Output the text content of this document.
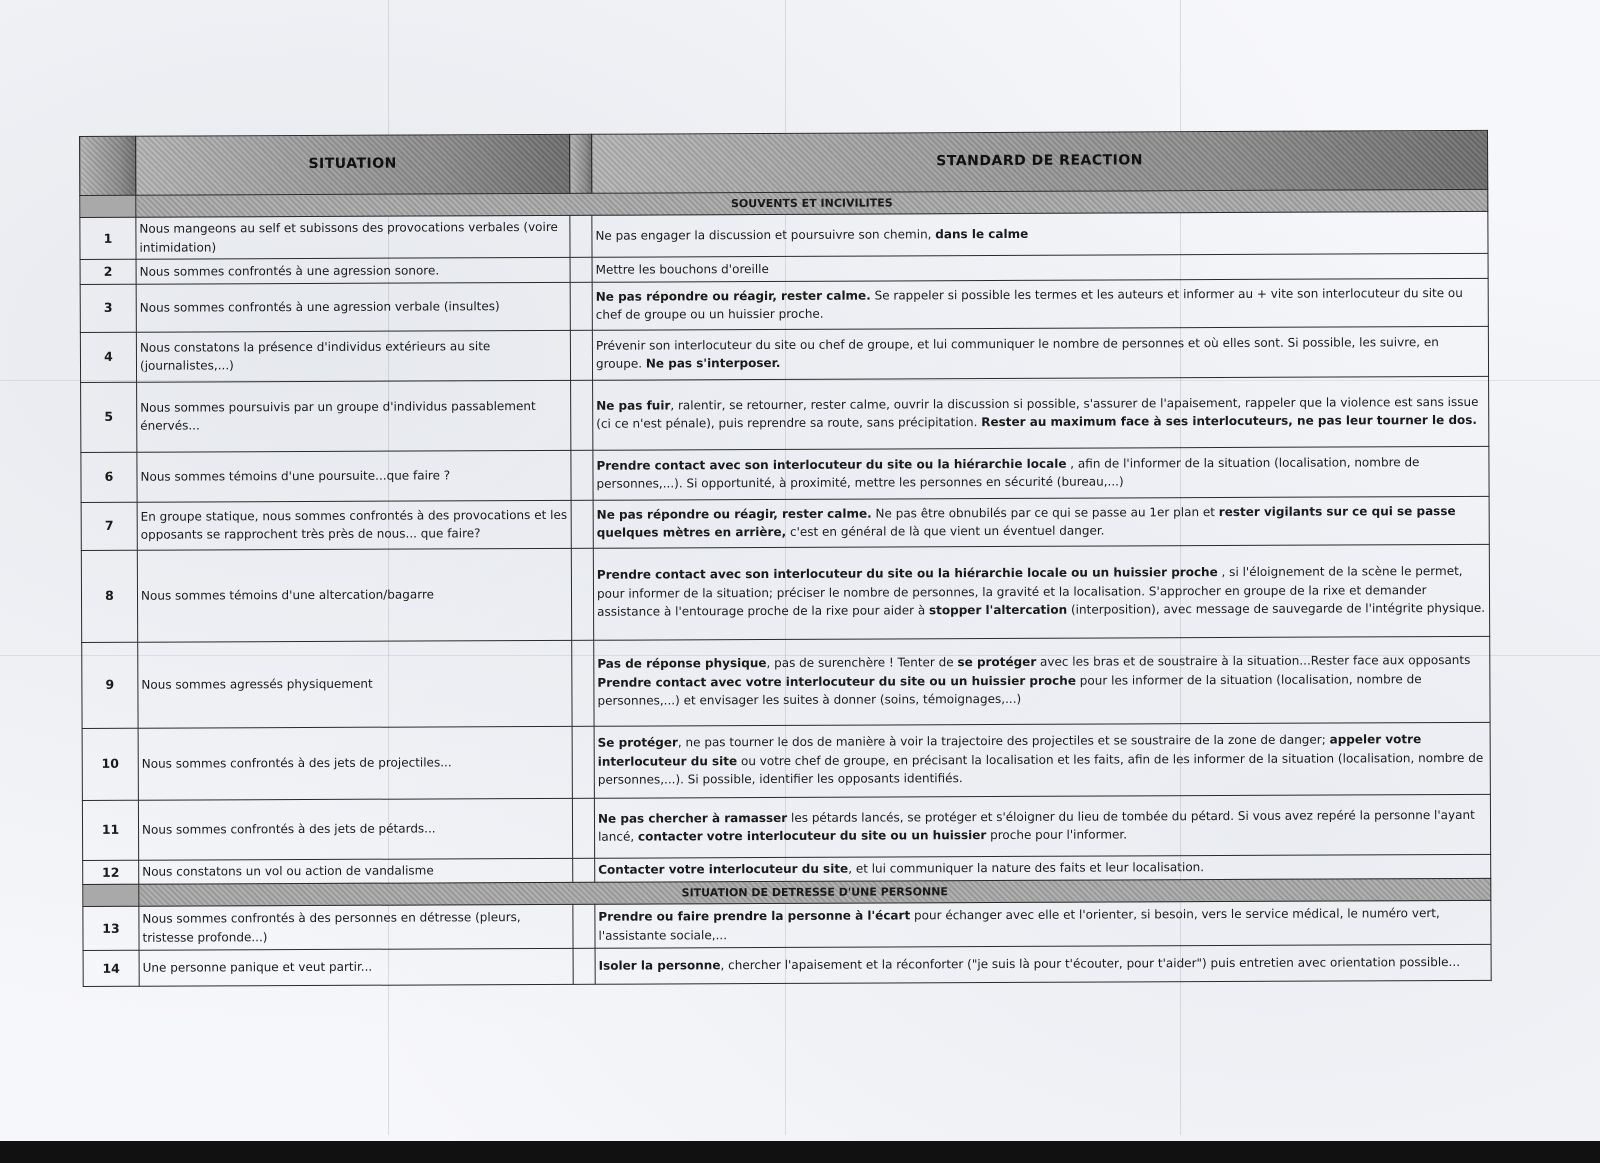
	SITUATION		STANDARD DE REACTION
	SOUVENTS ET INCIVILITES		
1	Nous mangeons au self et subissons des provocations verbales (voire intimidation)		Ne pas engager la discussion et poursuivre son chemin, dans le calme
2	Nous sommes confrontés à une agression sonore.		Mettre les bouchons d'oreille
3	Nous sommes confrontés à une agression verbale (insultes)		Ne pas répondre ou réagir, rester calme. Se rappeler si possible les termes et les auteurs et informer au + vite son interlocuteur du site ou chef de groupe ou un huissier proche.
4	Nous constatons la présence d'individus extérieurs au site (journalistes,...)		Prévenir son interlocuteur du site ou chef de groupe, et lui communiquer le nombre de personnes et où elles sont. Si possible, les suivre, en groupe. Ne pas s'interposer.
5	Nous sommes poursuivis par un groupe d'individus passablement énervés...		Ne pas fuir, ralentir, se retourner, rester calme, ouvrir la discussion si possible, s'assurer de l'apaisement, rappeler que la violence est sans issue (ci ce n'est pénale), puis reprendre sa route, sans précipitation. Rester au maximum face à ses interlocuteurs, ne pas leur tourner le dos.
6	Nous sommes témoins d'une poursuite...que faire ?		Prendre contact avec son interlocuteur du site ou la hiérarchie locale , afin de l'informer de la situation (localisation, nombre de personnes,...). Si opportunité, à proximité, mettre les personnes en sécurité (bureau,...)
7	En groupe statique, nous sommes confrontés à des provocations et les opposants se rapprochent très près de nous... que faire?		Ne pas répondre ou réagir, rester calme. Ne pas être obnubilés par ce qui se passe au 1er plan et rester vigilants sur ce qui se passe quelques mètres en arrière, c'est en général de là que vient un éventuel danger.
8	Nous sommes témoins d'une altercation/bagarre		Prendre contact avec son interlocuteur du site ou la hiérarchie locale ou un huissier proche , si l'éloignement de la scène le permet, pour informer de la situation; préciser le nombre de personnes, la gravité et la localisation. S'approcher en groupe de la rixe et demander assistance à l'entourage proche de la rixe pour aider à stopper l'altercation (interposition), avec message de sauvegarde de l'intégrite physique.
9	Nous sommes agressés physiquement		Pas de réponse physique, pas de surenchère ! Tenter de se protéger avec les bras et de soustraire à la situation...Rester face aux opposants Prendre contact avec votre interlocuteur du site ou un huissier proche pour les informer de la situation (localisation, nombre de personnes,...) et envisager les suites à donner (soins, témoignages,...)
10	Nous sommes confrontés à des jets de projectiles...		Se protéger, ne pas tourner le dos de manière à voir la trajectoire des projectiles et se soustraire de la zone de danger; appeler votre interlocuteur du site ou votre chef de groupe, en précisant la localisation et les faits, afin de les informer de la situation (localisation, nombre de personnes,...). Si possible, identifier les opposants identifiés.
11	Nous sommes confrontés à des jets de pétards...		Ne pas chercher à ramasser les pétards lancés, se protéger et s'éloigner du lieu de tombée du pétard. Si vous avez repéré la personne l'ayant lancé, contacter votre interlocuteur du site ou un huissier proche pour l'informer.
12	Nous constatons un vol ou action de vandalisme		Contacter votre interlocuteur du site, et lui communiquer la nature des faits et leur localisation.
	SITUATION DE DETRESSE D'UNE PERSONNE		
13	Nous sommes confrontés à des personnes en détresse (pleurs, tristesse profonde...)		Prendre ou faire prendre la personne à l'écart pour échanger avec elle et l'orienter, si besoin, vers le service médical, le numéro vert, l'assistante sociale,...
14	Une personne panique et veut partir...		Isoler la personne, chercher l'apaisement et la réconforter ("je suis là pour t'écouter, pour t'aider") puis entretien avec orientation possible...
